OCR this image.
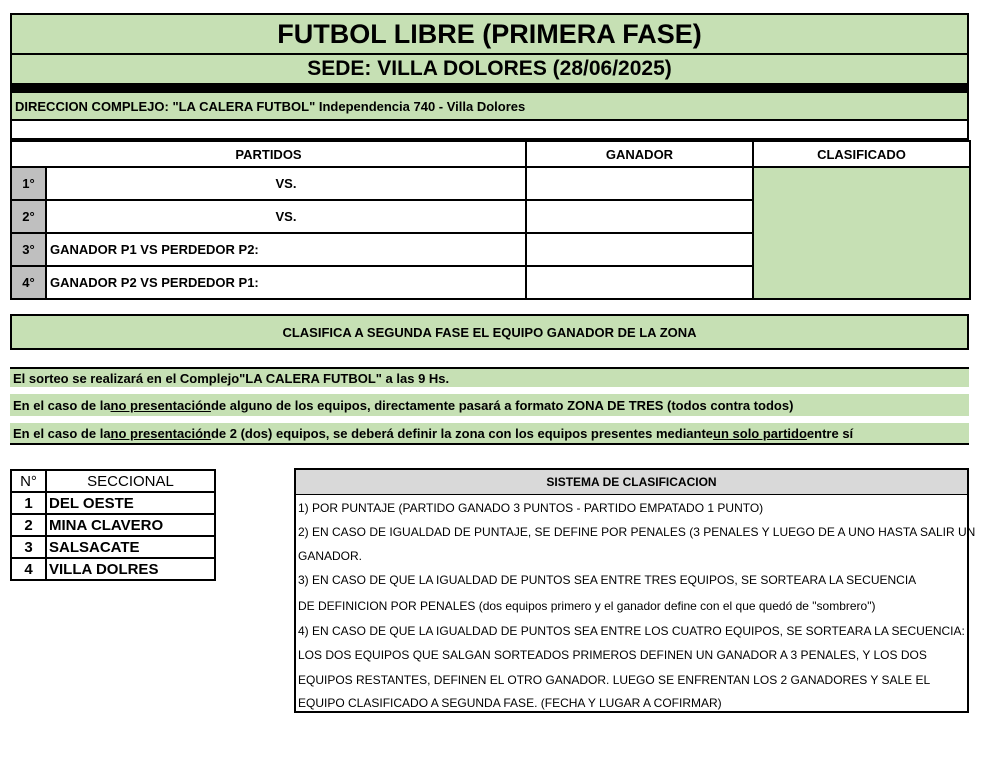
FUTBOL LIBRE (PRIMERA FASE)
SEDE: VILLA DOLORES (28/06/2025)
DIRECCION COMPLEJO: "LA CALERA FUTBOL" Independencia 740 - Villa Dolores
PARTIDOS		GANADOR	CLASIFICADO
1°	VS.		
2°	VS.		
3°	GANADOR P1 VS PERDEDOR P2:		
4°	GANADOR P2 VS PERDEDOR P1:		
CLASIFICA A SEGUNDA FASE EL EQUIPO GANADOR DE LA ZONA
El sorteo se realizará en el Complejo"LA CALERA FUTBOL" a las 9 Hs.
En el caso de la no presentación de alguno de los equipos, directamente pasará a formato ZONA DE TRES (todos contra todos)
En el caso de la no presentación de 2 (dos) equipos, se deberá definir la zona con los equipos presentes mediante un solo partido entre sí
N°	SECCIONAL
1	DEL OESTE
2	MINA CLAVERO
3	SALSACATE
4	VILLA DOLRES
SISTEMA DE CLASIFICACION
1) POR PUNTAJE (PARTIDO GANADO 3 PUNTOS - PARTIDO EMPATADO 1 PUNTO)
2) EN CASO DE IGUALDAD DE PUNTAJE, SE DEFINE POR PENALES (3 PENALES Y LUEGO DE A UNO HASTA SALIR UN
GANADOR.
3) EN CASO DE QUE LA IGUALDAD DE PUNTOS SEA ENTRE TRES EQUIPOS, SE SORTEARA LA SECUENCIA
DE DEFINICION POR PENALES (dos equipos primero y el ganador define con el que quedó de "sombrero")
4) EN CASO DE QUE LA IGUALDAD DE PUNTOS SEA ENTRE LOS CUATRO EQUIPOS, SE SORTEARA LA SECUENCIA:
LOS DOS EQUIPOS QUE SALGAN SORTEADOS PRIMEROS DEFINEN UN GANADOR A 3 PENALES, Y LOS DOS
EQUIPOS RESTANTES, DEFINEN EL OTRO GANADOR. LUEGO SE ENFRENTAN LOS 2 GANADORES Y SALE EL
EQUIPO CLASIFICADO A SEGUNDA FASE. (FECHA Y LUGAR A COFIRMAR)
